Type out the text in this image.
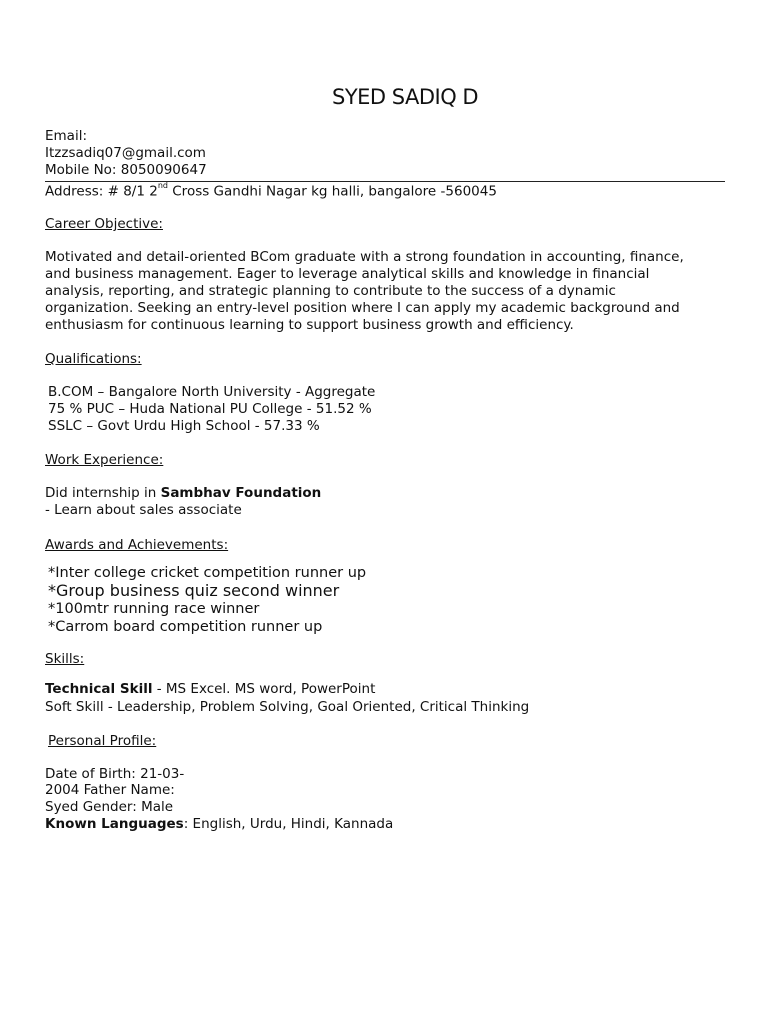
SYED SADIQ D
Email:
Itzzsadiq07@gmail.com
Mobile No: 8050090647
Address: # 8/1 2nd Cross Gandhi Nagar kg halli, bangalore -560045
Career Objective:
Motivated and detail-oriented BCom graduate with a strong foundation in accounting, finance,
and business management. Eager to leverage analytical skills and knowledge in financial
analysis, reporting, and strategic planning to contribute to the success of a dynamic
organization. Seeking an entry-level position where I can apply my academic background and
enthusiasm for continuous learning to support business growth and efficiency.
Qualifications:
B.COM – Bangalore North University - Aggregate
75 % PUC – Huda National PU College - 51.52 %
SSLC – Govt Urdu High School - 57.33 %
Work Experience:
Did internship in Sambhav Foundation
- Learn about sales associate
Awards and Achievements:
*Inter college cricket competition runner up
*Group business quiz second winner
*100mtr running race winner
*Carrom board competition runner up
Skills:
Technical Skill - MS Excel. MS word, PowerPoint
Soft Skill - Leadership, Problem Solving, Goal Oriented, Critical Thinking
Personal Profile:
Date of Birth: 21-03-
2004 Father Name:
Syed Gender: Male
Known Languages: English, Urdu, Hindi, Kannada
